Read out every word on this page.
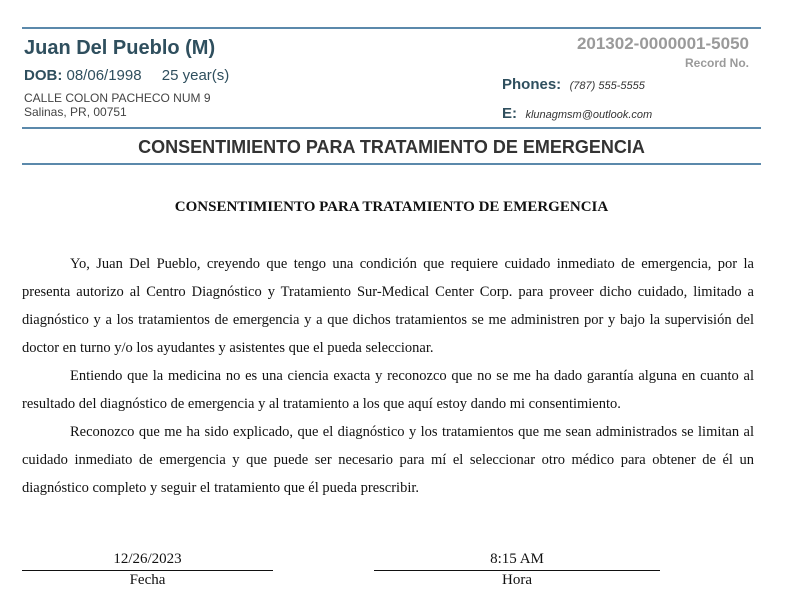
Juan Del Pueblo (M)
DOB: 08/06/1998 25 year(s)
CALLE COLON PACHECO NUM 9
Salinas, PR, 00751
201302-0000001-5050
Record No.
Phones: (787) 555-5555
E: klunagmsm@outlook.com
CONSENTIMIENTO PARA TRATAMIENTO DE EMERGENCIA
CONSENTIMIENTO PARA TRATAMIENTO DE EMERGENCIA

Yo, Juan Del Pueblo, creyendo que tengo una condición que requiere cuidado inmediato de emergencia, por la presenta autorizo al Centro Diagnóstico y Tratamiento Sur-Medical Center Corp. para proveer dicho cuidado, limitado a diagnóstico y a los tratamientos de emergencia y a que dichos tratamientos se me administren por y bajo la supervisión del doctor en turno y/o los ayudantes y asistentes que el pueda seleccionar.

Entiendo que la medicina no es una ciencia exacta y reconozco que no se me ha dado garantía alguna en cuanto al resultado del diagnóstico de emergencia y al tratamiento a los que aquí estoy dando mi consentimiento.

Reconozco que me ha sido explicado, que el diagnóstico y los tratamientos que me sean administrados se limitan al cuidado inmediato de emergencia y que puede ser necesario para mí el seleccionar otro médico para obtener de él un diagnóstico completo y seguir el tratamiento que él pueda prescribir.

12/26/2023
Fecha
8:15 AM
Hora
